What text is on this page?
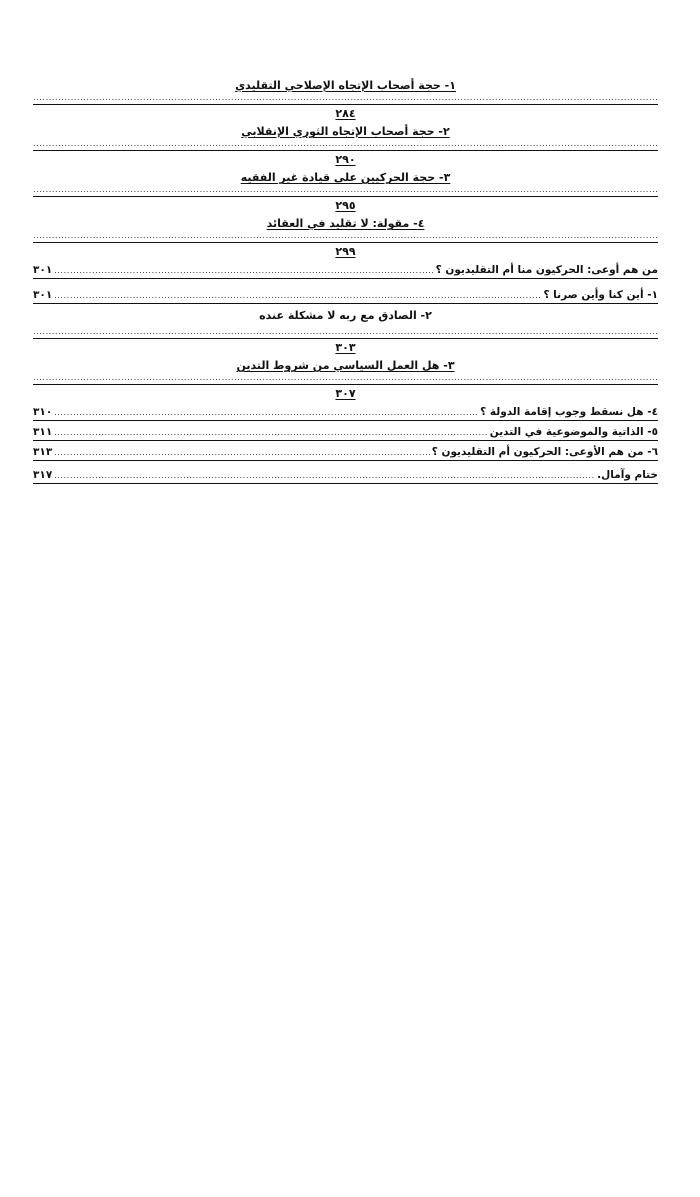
١- حجة أصحاب الإتجاه الإصلاحي التقليدي
.....
٢٨٤
٢- حجة أصحاب الإتجاه الثوري الإنقلابي
.....
٢٩٠
٣- حجة الحركيين على قيادة غير الفقيه
.....
٢٩٥
٤- مقولة: لا تقليد في العقائد
.....
٢٩٩
من هم أوعى: الحركيون منا أم التقليديون ؟
.....
٣٠١
١- أين كنا وأين صرنا ؟
.....
٣٠١
٢- الصادق مع ربه لا مشكلة عنده
.....
٣٠٣
٣- هل العمل السياسي من شروط التدين
.....
٣٠٧
٤- هل نسقط وجوب إقامة الدولة ؟
.....
٣١٠
٥- الذاتية والموضوعية في التدين
.....
٣١١
٦- من هم الأوعى: الحركيون أم التقليديون ؟
.....
٣١٣
ختام وآمال.
.....
٣١٧
